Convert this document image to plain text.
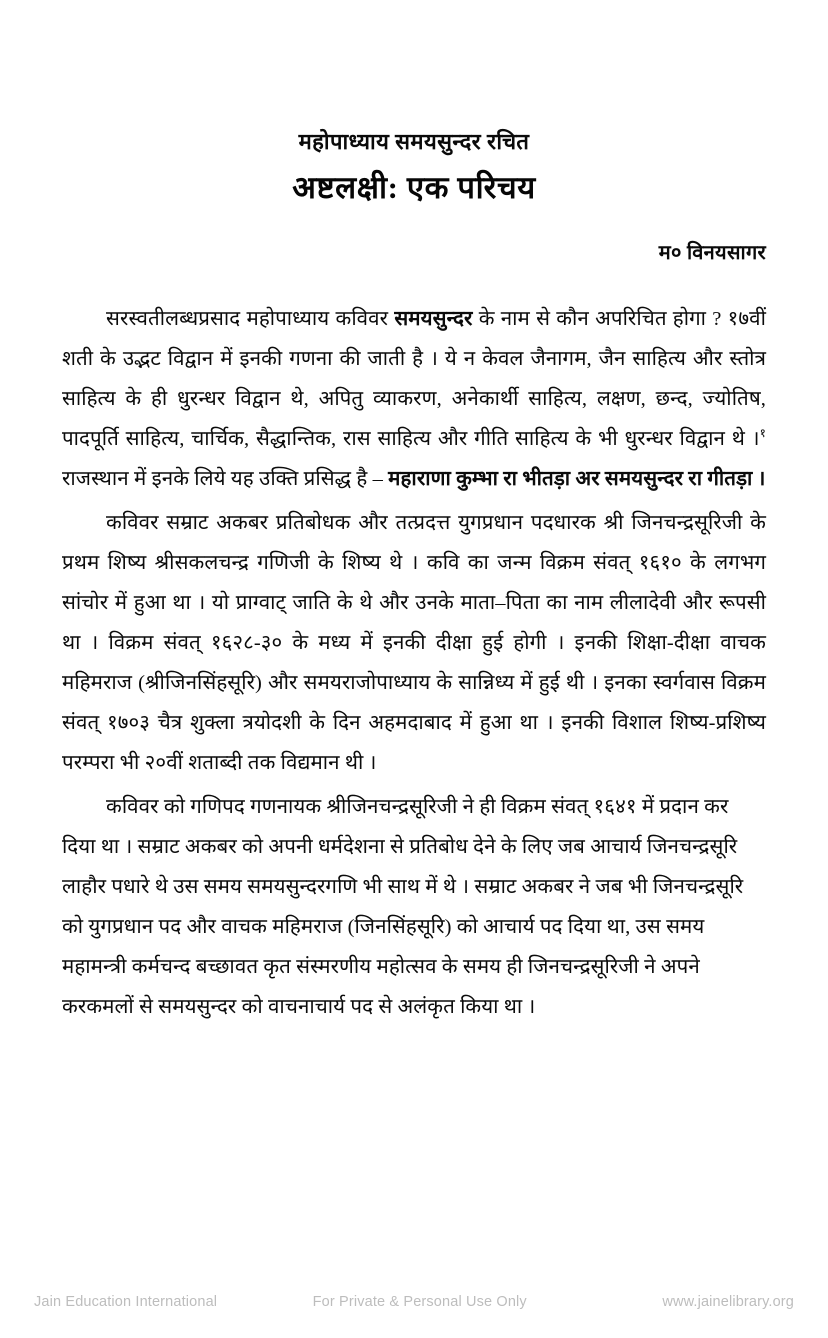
महोपाध्याय समयसुन्दर रचित
अष्टलक्षी: एक परिचय
म० विनयसागर

सरस्वतीलब्धप्रसाद महोपाध्याय कविवर समयसुन्दर के नाम से कौन अपरिचित होगा ? १७वीं शती के उद्भट विद्वान में इनकी गणना की जाती है । ये न केवल जैनागम, जैन साहित्य और स्तोत्र साहित्य के ही धुरन्धर विद्वान थे, अपितु व्याकरण, अनेकार्थी साहित्य, लक्षण, छन्द, ज्योतिष, पादपूर्ति साहित्य, चार्चिक, सैद्धान्तिक, रास साहित्य और गीति साहित्य के भी धुरन्धर विद्वान थे ।$^१$ राजस्थान में इनके लिये यह उक्ति प्रसिद्ध है – महाराणा कुम्भा रा भीतड़ा अर समयसुन्दर रा गीतड़ा ।

कविवर सम्राट अकबर प्रतिबोधक और तत्प्रदत्त युगप्रधान पदधारक श्री जिनचन्द्रसूरिजी के प्रथम शिष्य श्रीसकलचन्द्र गणिजी के शिष्य थे । कवि का जन्म विक्रम संवत् १६१० के लगभग सांचोर में हुआ था । यो प्राग्वाट् जाति के थे और उनके माता–पिता का नाम लीलादेवी और रूपसी था । विक्रम संवत् १६२८-३० के मध्य में इनकी दीक्षा हुई होगी । इनकी शिक्षा-दीक्षा वाचक महिमराज (श्रीजिनसिंहसूरि) और समयराजोपाध्याय के सान्निध्य में हुई थी । इनका स्वर्गवास विक्रम संवत् १७०३ चैत्र शुक्ला त्रयोदशी के दिन अहमदाबाद में हुआ था । इनकी विशाल शिष्य-प्रशिष्य परम्परा भी २०वीं शताब्दी तक विद्यमान थी ।

कविवर को गणिपद गणनायक श्रीजिनचन्द्रसूरिजी ने ही विक्रम संवत् १६४१ में प्रदान कर दिया था । सम्राट अकबर को अपनी धर्मदेशना से प्रतिबोध देने के लिए जब आचार्य जिनचन्द्रसूरि लाहौर पधारे थे उस समय समयसुन्दरगणि भी साथ में थे । सम्राट अकबर ने जब भी जिनचन्द्रसूरि को युगप्रधान पद और वाचक महिमराज (जिनसिंहसूरि) को आचार्य पद दिया था, उस समय महामन्त्री कर्मचन्द बच्छावत कृत संस्मरणीय महोत्सव के समय ही जिनचन्द्रसूरिजी ने अपने करकमलों से समयसुन्दर को वाचनाचार्य पद से अलंकृत किया था ।

Jain Education International	For Private & Personal Use Only	www.jainelibrary.org
